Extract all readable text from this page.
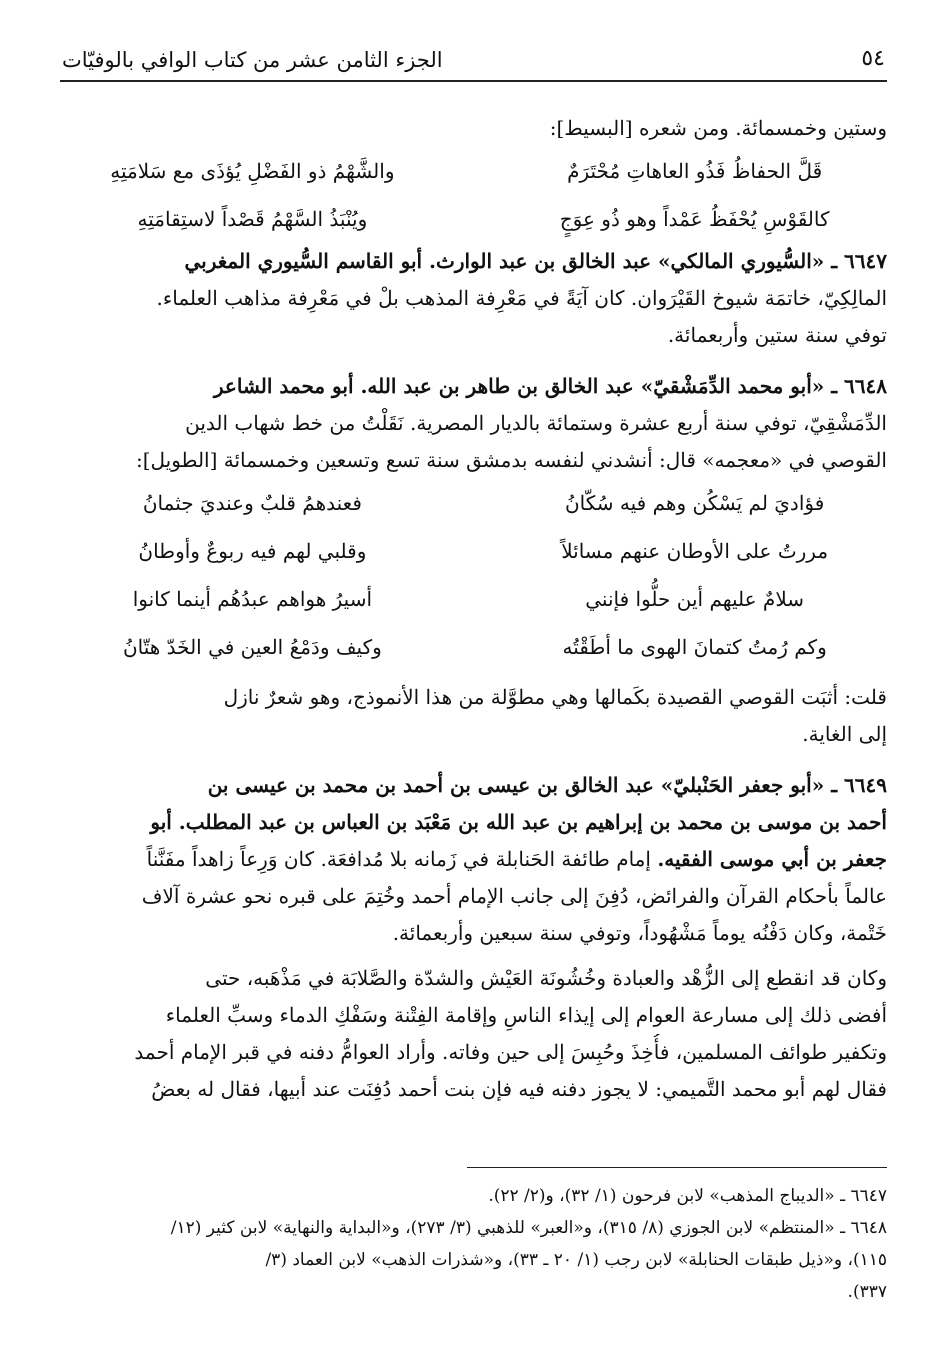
٥٤
الجزء الثامن عشر من كتاب الوافي بالوفيّات
وستين وخمسمائة. ومن شعره [البسيط]:
قَلَّ الحفاظُ فَذُو العاهاتِ مُحْتَرَمٌ
والشَّهْمُ ذو الفَضْلِ يُؤذَى مع سَلامَتِهِ
كالقَوْسِ يُحْفَظُ عَمْداً وهو ذُو عِوَجٍ
ويُنْبَذُ السَّهْمُ قَصْداً لاستِقامَتِهِ
٦٦٤٧ ـ «السُّيوري المالكي» عبد الخالق بن عبد الوارث. أبو القاسم السُّيوري المغربي
المالِكِيّ، خاتمَة شيوخ القَيْرَوان. كان آيَةً في مَعْرِفة المذهب بلْ في مَعْرِفة مذاهب العلماء.
توفي سنة ستين وأربعمائة.
٦٦٤٨ ـ «أبو محمد الدِّمَشْقيّ» عبد الخالق بن طاهر بن عبد الله. أبو محمد الشاعر
الدِّمَشْقِيّ، توفي سنة أربع عشرة وستمائة بالديار المصرية. نَقَلْتُ من خط شهاب الدين
القوصي في «معجمه» قال: أنشدني لنفسه بدمشق سنة تسع وتسعين وخمسمائة [الطويل]:
فؤاديَ لم يَسْكُن وهم فيه سُكّانُ
فعندهمُ قلبٌ وعنديَ جثمانُ
مررتُ على الأوطان عنهم مسائلاً
وقلبي لهم فيه ربوعٌ وأوطانُ
سلامٌ عليهم أين حلُّوا فإنني
أسيرُ هواهم عبدُهُم أينما كانوا
وكم رُمتُ كتمانَ الهوى ما أطَقْتُه
وكيف ودَمْعُ العين في الخَدّ هتّانُ
قلت: أثبَت القوصي القصيدة بكَمالها وهي مطوَّلة من هذا الأنموذج، وهو شعرٌ نازل
إلى الغاية.
٦٦٤٩ ـ «أبو جعفر الحَنْبليّ» عبد الخالق بن عيسى بن أحمد بن محمد بن عيسى بن
أحمد بن موسى بن محمد بن إبراهيم بن عبد الله بن مَعْبَد بن العباس بن عبد المطلب. أبو
جعفر بن أبي موسى الفقيه. إمام طائفة الحَنابلة في زَمانه بلا مُدافعَة. كان وَرِعاً زاهداً مفَنَّناً
عالماً بأحكام القرآن والفرائض، دُفِنَ إلى جانب الإمام أحمد وخُتِمَ على قبره نحو عشرة آلاف
خَتْمة، وكان دَفْنُه يوماً مَشْهُوداً، وتوفي سنة سبعين وأربعمائة.
وكان قد انقطع إلى الزُّهْد والعبادة وخُشُونَة العَيْش والشدّة والصَّلابَة في مَذْهَبه، حتى
أفضى ذلك إلى مسارعة العوام إلى إيذاء الناسِ وإقامة الفِتْنة وسَفْكِ الدماء وسبِّ العلماء
وتكفير طوائف المسلمين، فأُخِذَ وحُبِسَ إلى حين وفاته. وأراد العوامُّ دفنه في قبر الإمام أحمد
فقال لهم أبو محمد التَّميمي: لا يجوز دفنه فيه فإن بنت أحمد دُفِنَت عند أبيها، فقال له بعضُ
٦٦٤٧ ـ «الديباج المذهب» لابن فرحون (١/ ٣٢)، و(٢/ ٢٢).
٦٦٤٨ ـ «المنتظم» لابن الجوزي (٨/ ٣١٥)، و«العبر» للذهبي (٣/ ٢٧٣)، و«البداية والنهاية» لابن كثير (١٢/
١١٥)، و«ذيل طبقات الحنابلة» لابن رجب (١/ ٢٠ ـ ٣٣)، و«شذرات الذهب» لابن العماد (٣/
٣٣٧).
